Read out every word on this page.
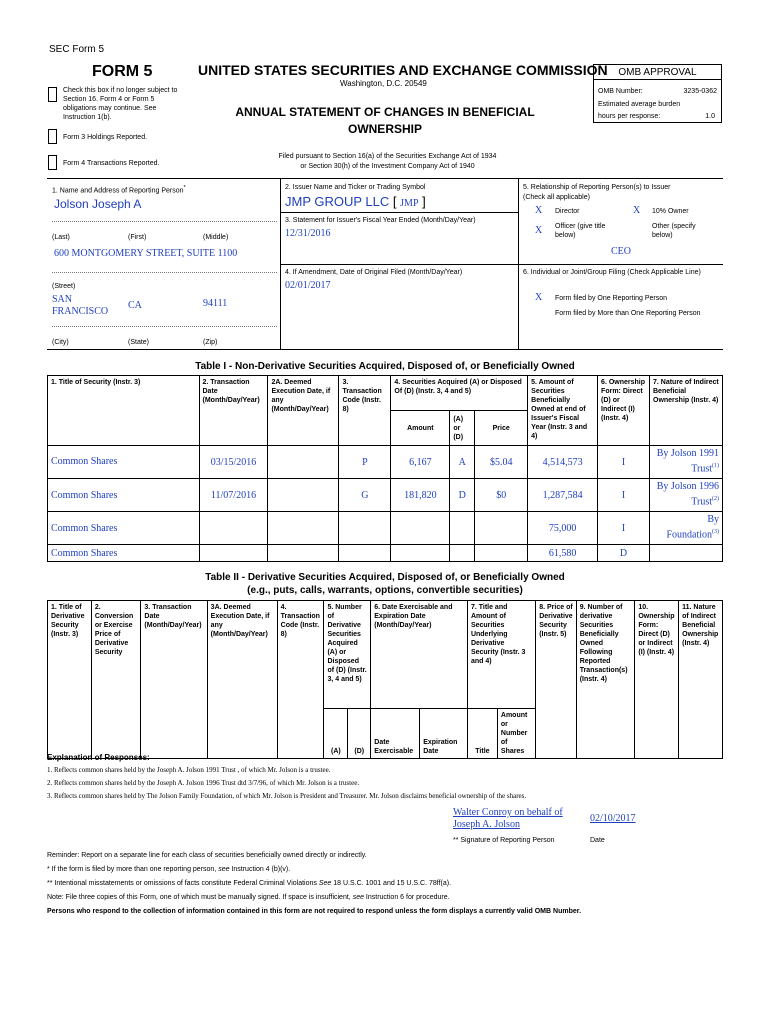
SEC Form 5
FORM 5	UNITED STATES SECURITIES AND EXCHANGE COMMISSION
Washington, D.C. 20549
Check this box if no longer subject to Section 16. Form 4 or Form 5 obligations may continue. See Instruction 1(b).
Form 3 Holdings Reported.
Form 4 Transactions Reported.
ANNUAL STATEMENT OF CHANGES IN BENEFICIAL OWNERSHIP
Filed pursuant to Section 16(a) of the Securities Exchange Act of 1934
or Section 30(h) of the Investment Company Act of 1940
OMB APPROVAL
OMB Number:	3235-0362
Estimated average burden
hours per response:	1.0
1. Name and Address of Reporting Person*
Jolson Joseph A
(Last)	(First)	(Middle)
600 MONTGOMERY STREET, SUITE 1100
(Street)
SAN FRANCISCO
CA	94111
(City)	(State)	(Zip)
2. Issuer Name and Ticker or Trading Symbol
JMP GROUP LLC [ JMP ]
3. Statement for Issuer's Fiscal Year Ended (Month/Day/Year)
12/31/2016
4. If Amendment, Date of Original Filed (Month/Day/Year)
02/01/2017
5. Relationship of Reporting Person(s) to Issuer
(Check all applicable)
X Director	X 10% Owner
X Officer (give title below)
Other (specify below)
CEO
6. Individual or Joint/Group Filing (Check Applicable Line)
X Form filed by One Reporting Person
Form filed by More than One Reporting Person
Table I - Non-Derivative Securities Acquired, Disposed of, or Beneficially Owned
1. Title of Security (Instr. 3)	2. Transaction Date (Month/Day/Year)	2A. Deemed Execution Date, if any (Month/Day/Year)	3. Transaction Code (Instr. 8)	4. Securities Acquired (A) or Disposed Of (D) (Instr. 3, 4 and 5)			5. Amount of Securities Beneficially Owned at end of Issuer's Fiscal Year (Instr. 3 and 4)	6. Ownership Form: Direct (D) or Indirect (I) (Instr. 4)	7. Nature of Indirect Beneficial Ownership (Instr. 4)
				Amount	(A) or (D)	Price			
Common Shares	03/15/2016		P	6,167	A	$5.04	4,514,573	I	By Jolson 1991 Trust$^{(1)}$
Common Shares	11/07/2016		G	181,820	D	$0	1,287,584	I	By Jolson 1996 Trust$^{(2)}$
Common Shares							75,000	I	By Foundation$^{(3)}$
Common Shares							61,580	D	
Table II - Derivative Securities Acquired, Disposed of, or Beneficially Owned
(e.g., puts, calls, warrants, options, convertible securities)
1. Title of Derivative Security (Instr. 3)	2. Conversion or Exercise Price of Derivative Security	3. Transaction Date (Month/Day/Year)	3A. Deemed Execution Date, if any (Month/Day/Year)	4. Transaction Code (Instr. 8)	5. Number of Derivative Securities Acquired (A) or Disposed of (D) (Instr. 3, 4 and 5)		6. Date Exercisable and Expiration Date (Month/Day/Year)		7. Title and Amount of Securities Underlying Derivative Security (Instr. 3 and 4)		8. Price of Derivative Security (Instr. 5)	9. Number of derivative Securities Beneficially Owned Following Reported Transaction(s) (Instr. 4)	10. Ownership Form: Direct (D) or Indirect (I) (Instr. 4)	11. Nature of Indirect Beneficial Ownership (Instr. 4)
					(A)	(D)	Date Exercisable	Expiration Date	Title	Amount or Number of Shares				
Explanation of Responses:
1. Reflects common shares held by the Joseph A. Jolson 1991 Trust , of which Mr. Jolson is a trustee.
2. Reflects common shares held by the Joseph A. Jolson 1996 Trust dtd 3/7/96, of which Mr. Jolson is a trustee.
3. Reflects common shares held by The Jolson Family Foundation, of which Mr. Jolson is President and Treasurer. Mr. Jolson disclaims beneficial ownership of the shares.
Walter Conroy on behalf of Joseph A. Jolson
02/10/2017
** Signature of Reporting Person	Date
Reminder: Report on a separate line for each class of securities beneficially owned directly or indirectly.
* If the form is filed by more than one reporting person, see Instruction 4 (b)(v).
** Intentional misstatements or omissions of facts constitute Federal Criminal Violations See 18 U.S.C. 1001 and 15 U.S.C. 78ff(a).
Note: File three copies of this Form, one of which must be manually signed. If space is insufficient, see Instruction 6 for procedure.
Persons who respond to the collection of information contained in this form are not required to respond unless the form displays a currently valid OMB Number.
